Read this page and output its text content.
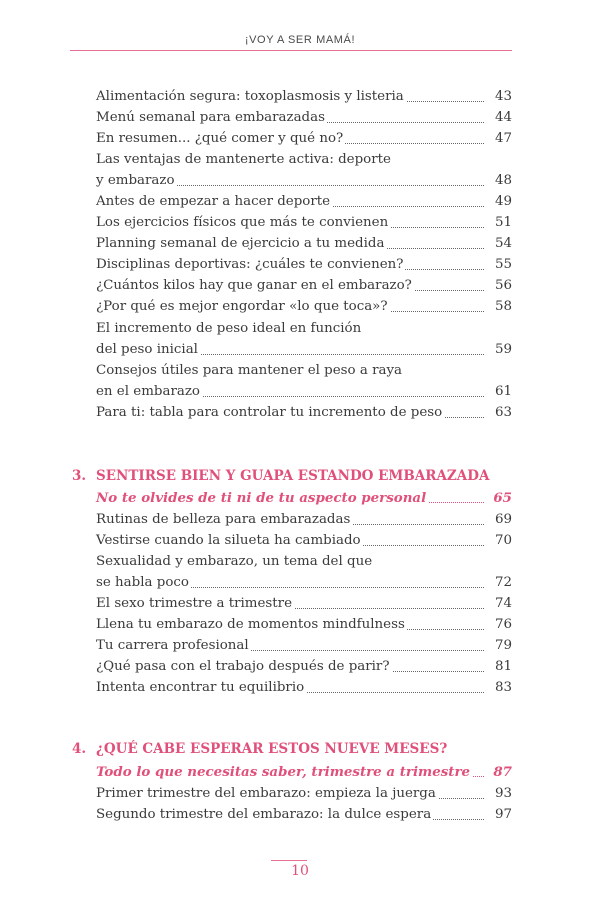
¡VOY A SER MAMÁ!
Alimentación segura: toxoplasmosis y listeria	43
Menú semanal para embarazadas	44
En resumen... ¿qué comer y qué no?	47
Las ventajas de mantenerte activa: deporte
y embarazo	48
Antes de empezar a hacer deporte	49
Los ejercicios físicos que más te convienen	51
Planning semanal de ejercicio a tu medida	54
Disciplinas deportivas: ¿cuáles te convienen?	55
¿Cuántos kilos hay que ganar en el embarazo?	56
¿Por qué es mejor engordar «lo que toca»?	58
El incremento de peso ideal en función
del peso inicial	59
Consejos útiles para mantener el peso a raya
en el embarazo	61
Para ti: tabla para controlar tu incremento de peso	63
3. SENTIRSE BIEN Y GUAPA ESTANDO EMBARAZADA
No te olvides de ti ni de tu aspecto personal	65
Rutinas de belleza para embarazadas	69
Vestirse cuando la silueta ha cambiado	70
Sexualidad y embarazo, un tema del que
se habla poco	72
El sexo trimestre a trimestre	74
Llena tu embarazo de momentos mindfulness	76
Tu carrera profesional	79
¿Qué pasa con el trabajo después de parir?	81
Intenta encontrar tu equilibrio	83
4. ¿QUÉ CABE ESPERAR ESTOS NUEVE MESES?
Todo lo que necesitas saber, trimestre a trimestre	87
Primer trimestre del embarazo: empieza la juerga	93
Segundo trimestre del embarazo: la dulce espera	97
10
